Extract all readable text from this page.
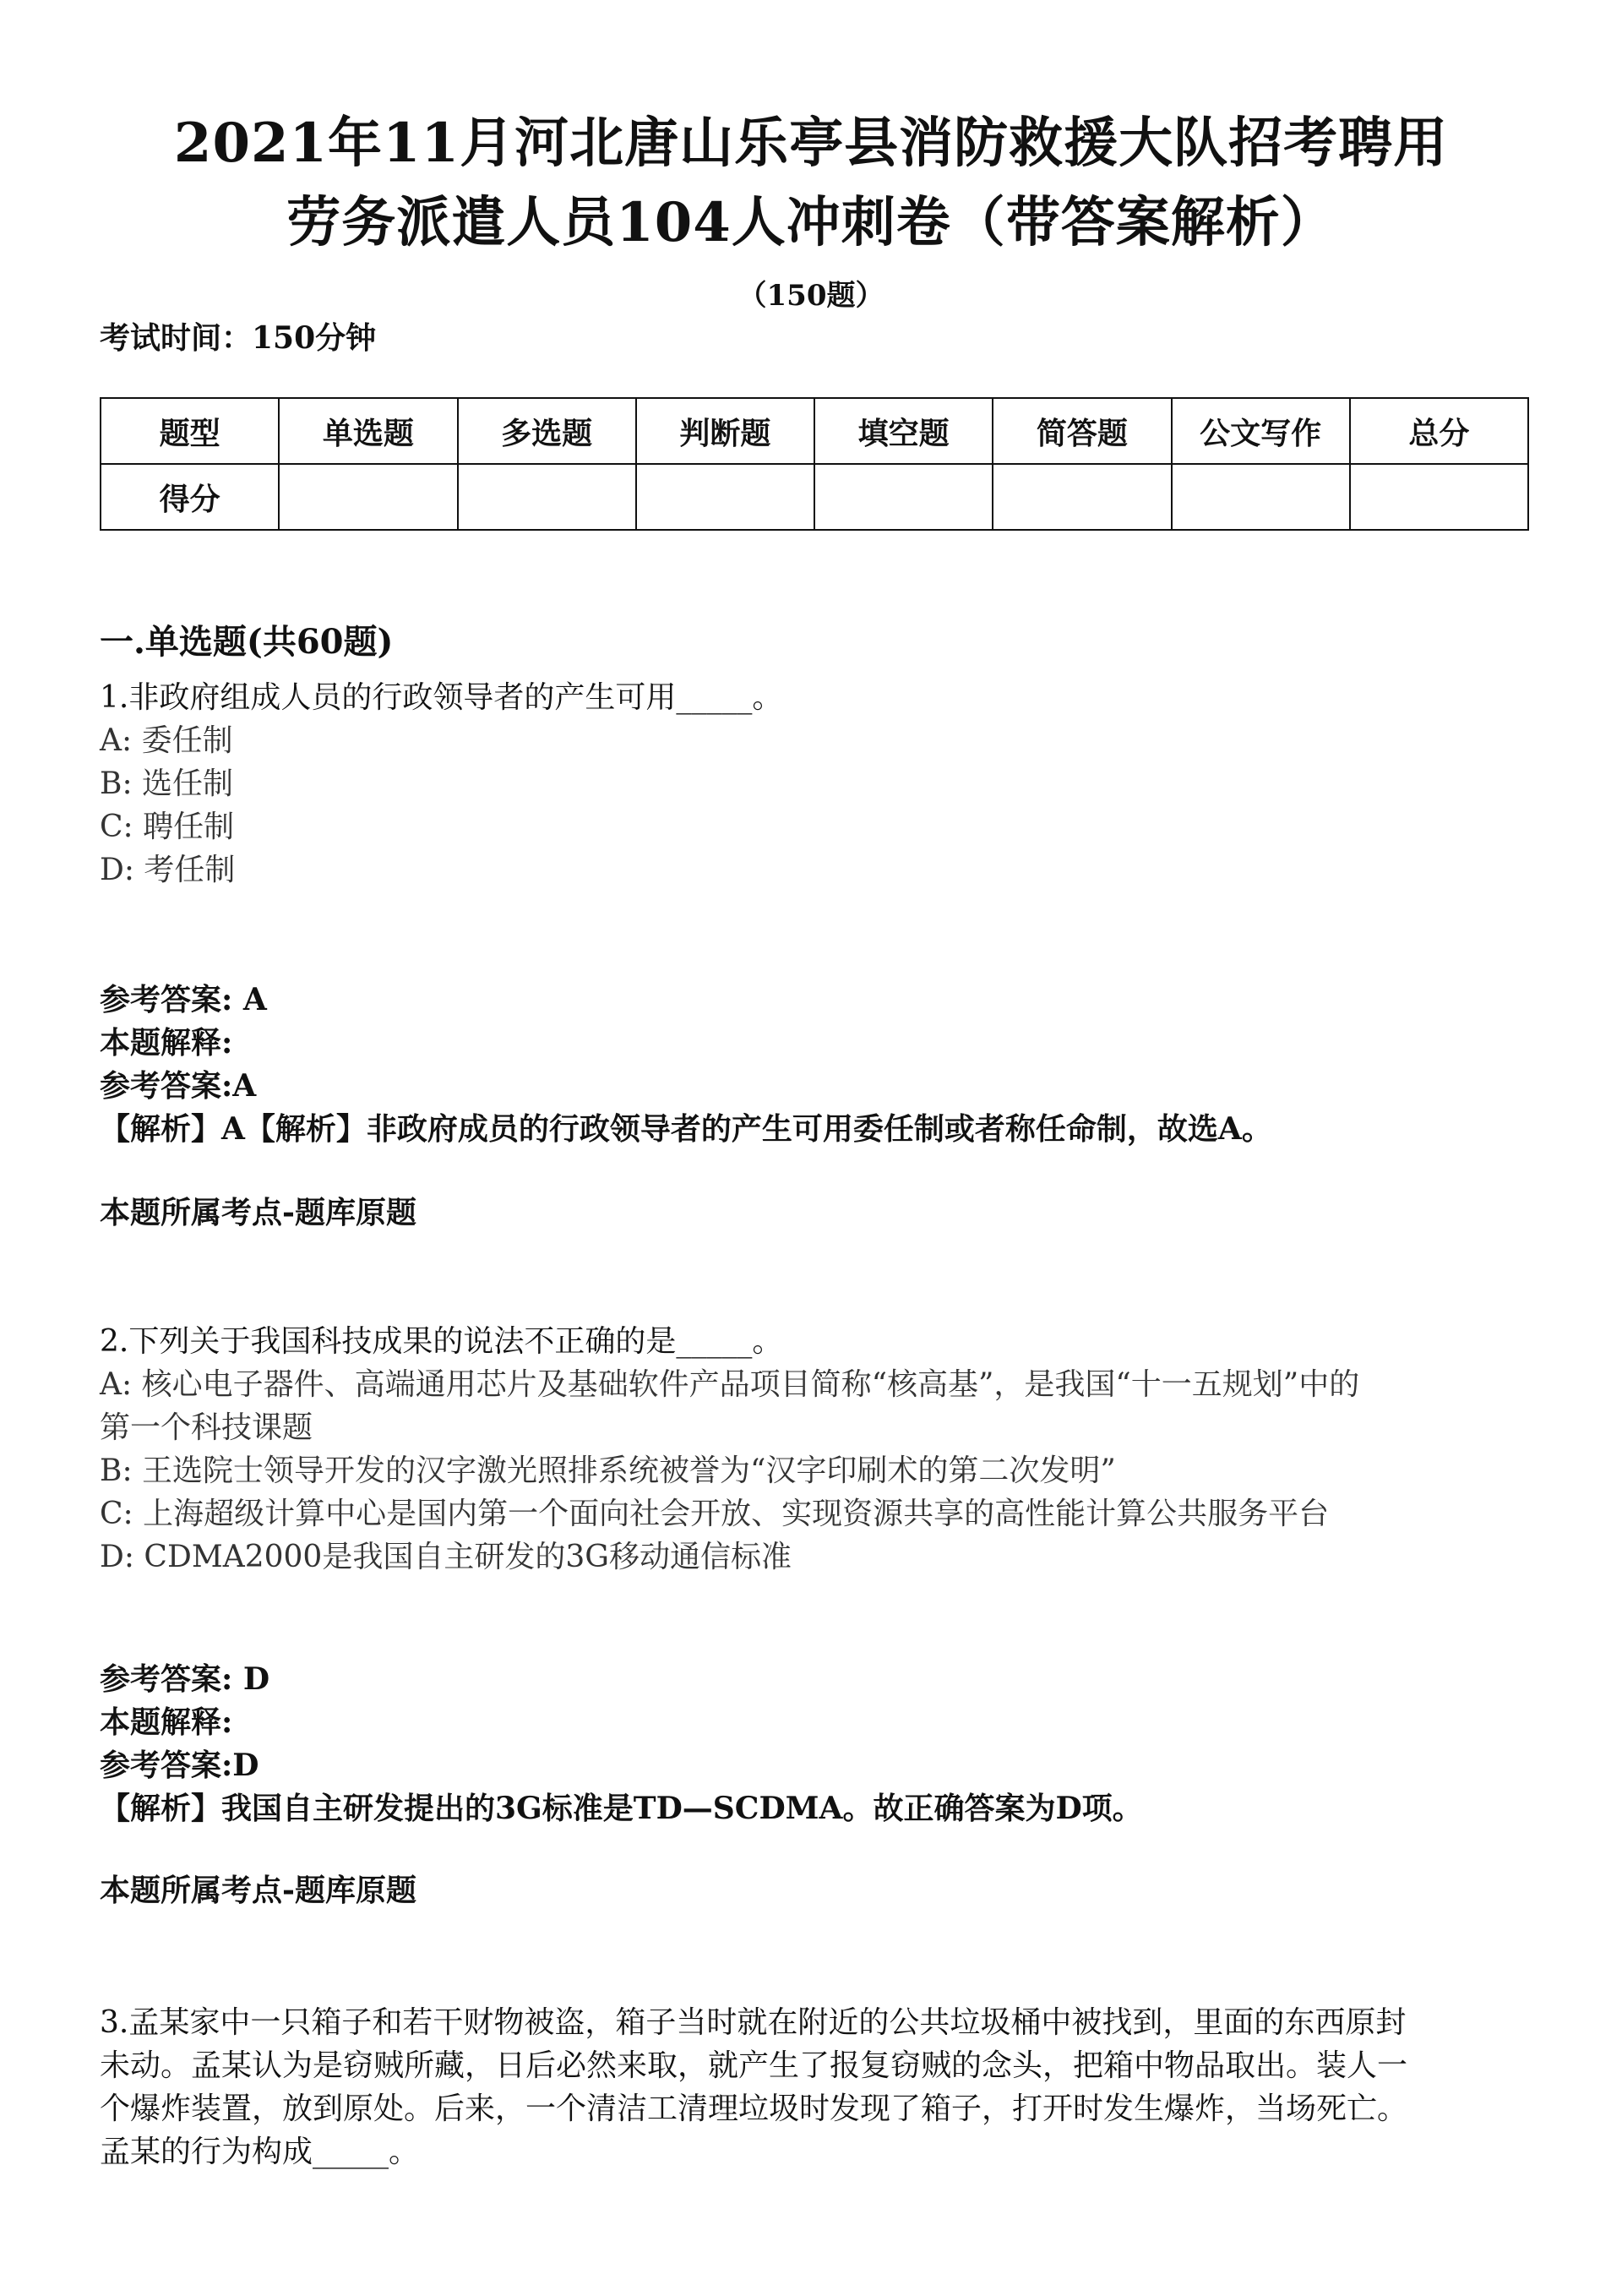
2021年11月河北唐山乐亭县消防救援大队招考聘用
劳务派遣人员104人冲刺卷（带答案解析）
（150题）
考试时间：150分钟
题型	单选题	多选题	判断题	填空题	简答题	公文写作	总分
得分							
一.单选题(共60题)
1.非政府组成人员的行政领导者的产生可用_____。
A: 委任制
B: 选任制
C: 聘任制
D: 考任制
参考答案: A
本题解释:
参考答案:A
【解析】A【解析】非政府成员的行政领导者的产生可用委任制或者称任命制，故选A。
本题所属考点-题库原题
2.下列关于我国科技成果的说法不正确的是_____。
A: 核心电子器件、高端通用芯片及基础软件产品项目简称“核高基”，是我国“十一五规划”中的
第一个科技课题
B: 王选院士领导开发的汉字激光照排系统被誉为“汉字印刷术的第二次发明”
C: 上海超级计算中心是国内第一个面向社会开放、实现资源共享的高性能计算公共服务平台
D: CDMA2000是我国自主研发的3G移动通信标准
参考答案: D
本题解释:
参考答案:D
【解析】我国自主研发提出的3G标准是TD—SCDMA。故正确答案为D项。
本题所属考点-题库原题
3.孟某家中一只箱子和若干财物被盗，箱子当时就在附近的公共垃圾桶中被找到，里面的东西原封
未动。孟某认为是窃贼所藏，日后必然来取，就产生了报复窃贼的念头，把箱中物品取出。装人一
个爆炸装置，放到原处。后来，一个清洁工清理垃圾时发现了箱子，打开时发生爆炸，当场死亡。
孟某的行为构成_____。
